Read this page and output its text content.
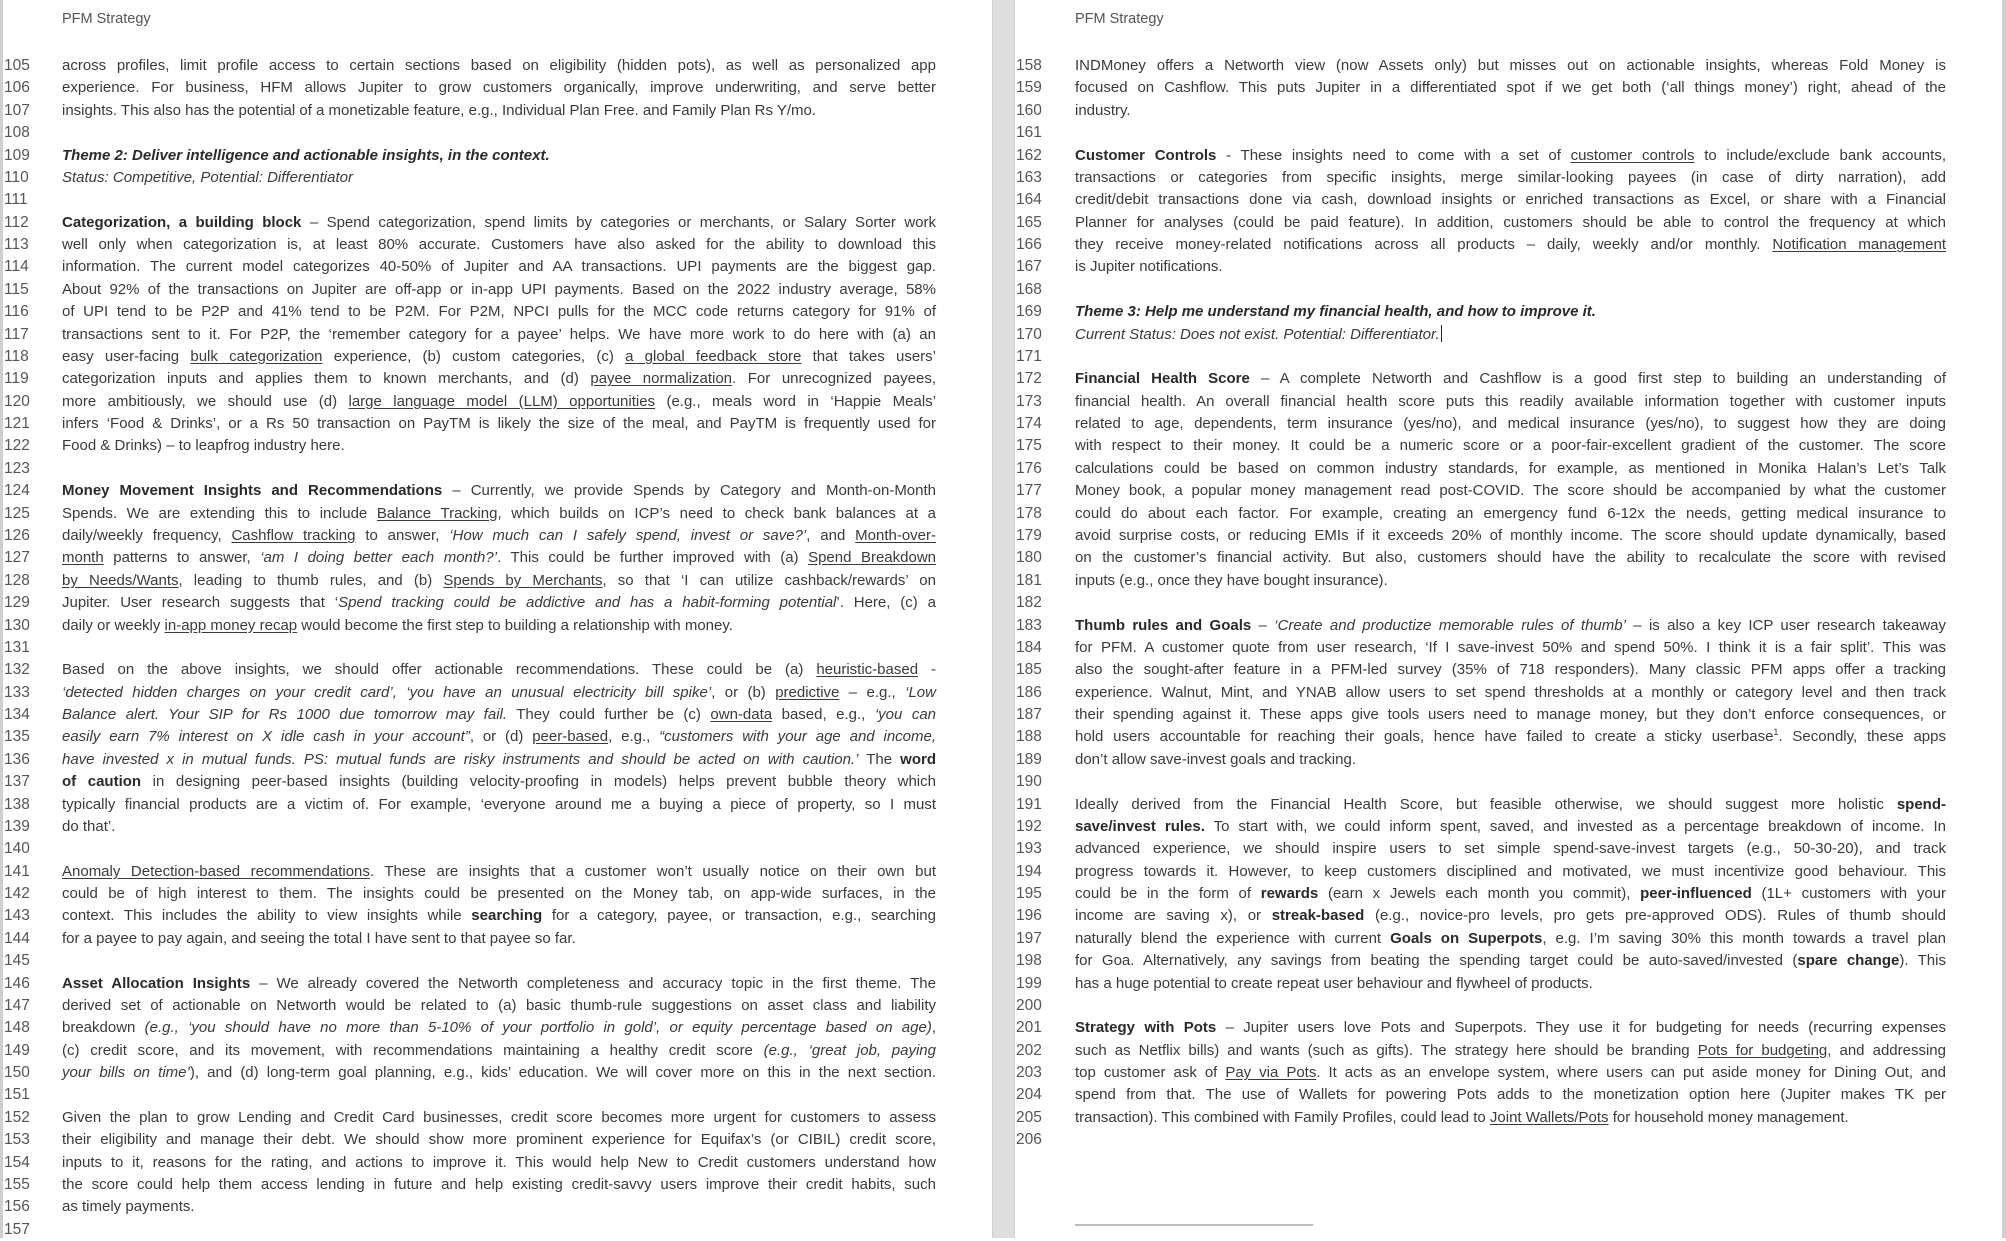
PFM Strategy
105	across profiles, limit profile access to certain sections based on eligibility (hidden pots), as well as personalized app
106	experience. For business, HFM allows Jupiter to grow customers organically, improve underwriting, and serve better
107	insights. This also has the potential of a monetizable feature, e.g., Individual Plan Free. and Family Plan Rs Y/mo.
108
109	Theme 2: Deliver intelligence and actionable insights, in the context.
110	Status: Competitive, Potential: Differentiator
111
112	Categorization, a building block – Spend categorization, spend limits by categories or merchants, or Salary Sorter work
113	well only when categorization is, at least 80% accurate. Customers have also asked for the ability to download this
114	information. The current model categorizes 40-50% of Jupiter and AA transactions. UPI payments are the biggest gap.
115	About 92% of the transactions on Jupiter are off-app or in-app UPI payments. Based on the 2022 industry average, 58%
116	of UPI tend to be P2P and 41% tend to be P2M. For P2M, NPCI pulls for the MCC code returns category for 91% of
117	transactions sent to it. For P2P, the ‘remember category for a payee’ helps. We have more work to do here with (a) an
118	easy user-facing bulk categorization experience, (b) custom categories, (c) a global feedback store that takes users’
119	categorization inputs and applies them to known merchants, and (d) payee normalization. For unrecognized payees,
120	more ambitiously, we should use (d) large language model (LLM) opportunities (e.g., meals word in ‘Happie Meals’
121	infers ‘Food & Drinks’, or a Rs 50 transaction on PayTM is likely the size of the meal, and PayTM is frequently used for
122	Food & Drinks) – to leapfrog industry here.
123
124	Money Movement Insights and Recommendations – Currently, we provide Spends by Category and Month-on-Month
125	Spends. We are extending this to include Balance Tracking, which builds on ICP’s need to check bank balances at a
126	daily/weekly frequency, Cashflow tracking to answer, ‘How much can I safely spend, invest or save?’, and Month-over-
127	month patterns to answer, ‘am I doing better each month?’. This could be further improved with (a) Spend Breakdown
128	by Needs/Wants, leading to thumb rules, and (b) Spends by Merchants, so that ‘I can utilize cashback/rewards’ on
129	Jupiter. User research suggests that ‘Spend tracking could be addictive and has a habit-forming potential’. Here, (c) a
130	daily or weekly in-app money recap would become the first step to building a relationship with money.
131
132	Based on the above insights, we should offer actionable recommendations. These could be (a) heuristic-based -
133	‘detected hidden charges on your credit card’, ‘you have an unusual electricity bill spike’, or (b) predictive – e.g., ‘Low
134	Balance alert. Your SIP for Rs 1000 due tomorrow may fail. They could further be (c) own-data based, e.g., ‘you can
135	easily earn 7% interest on X idle cash in your account”, or (d) peer-based, e.g., “customers with your age and income,
136	have invested x in mutual funds. PS: mutual funds are risky instruments and should be acted on with caution.’ The word
137	of caution in designing peer-based insights (building velocity-proofing in models) helps prevent bubble theory which
138	typically financial products are a victim of. For example, ‘everyone around me a buying a piece of property, so I must
139	do that’.
140
141	Anomaly Detection-based recommendations. These are insights that a customer won’t usually notice on their own but
142	could be of high interest to them. The insights could be presented on the Money tab, on app-wide surfaces, in the
143	context. This includes the ability to view insights while searching for a category, payee, or transaction, e.g., searching
144	for a payee to pay again, and seeing the total I have sent to that payee so far.
145
146	Asset Allocation Insights – We already covered the Networth completeness and accuracy topic in the first theme. The
147	derived set of actionable on Networth would be related to (a) basic thumb-rule suggestions on asset class and liability
148	breakdown (e.g., ‘you should have no more than 5-10% of your portfolio in gold’, or equity percentage based on age),
149	(c) credit score, and its movement, with recommendations maintaining a healthy credit score (e.g., ‘great job, paying
150	your bills on time’), and (d) long-term goal planning, e.g., kids’ education. We will cover more on this in the next section.
151
152	Given the plan to grow Lending and Credit Card businesses, credit score becomes more urgent for customers to assess
153	their eligibility and manage their debt. We should show more prominent experience for Equifax’s (or CIBIL) credit score,
154	inputs to it, reasons for the rating, and actions to improve it. This would help New to Credit customers understand how
155	the score could help them access lending in future and help existing credit-savvy users improve their credit habits, such
156	as timely payments.
157
PFM Strategy
158	INDMoney offers a Networth view (now Assets only) but misses out on actionable insights, whereas Fold Money is
159	focused on Cashflow. This puts Jupiter in a differentiated spot if we get both (‘all things money’) right, ahead of the
160	industry.
161
162	Customer Controls - These insights need to come with a set of customer controls to include/exclude bank accounts,
163	transactions or categories from specific insights, merge similar-looking payees (in case of dirty narration), add
164	credit/debit transactions done via cash, download insights or enriched transactions as Excel, or share with a Financial
165	Planner for analyses (could be paid feature). In addition, customers should be able to control the frequency at which
166	they receive money-related notifications across all products – daily, weekly and/or monthly. Notification management
167	is Jupiter notifications.
168
169	Theme 3: Help me understand my financial health, and how to improve it.
170	Current Status: Does not exist. Potential: Differentiator.
171
172	Financial Health Score – A complete Networth and Cashflow is a good first step to building an understanding of
173	financial health. An overall financial health score puts this readily available information together with customer inputs
174	related to age, dependents, term insurance (yes/no), and medical insurance (yes/no), to suggest how they are doing
175	with respect to their money. It could be a numeric score or a poor-fair-excellent gradient of the customer. The score
176	calculations could be based on common industry standards, for example, as mentioned in Monika Halan’s Let’s Talk
177	Money book, a popular money management read post-COVID. The score should be accompanied by what the customer
178	could do about each factor. For example, creating an emergency fund 6-12x the needs, getting medical insurance to
179	avoid surprise costs, or reducing EMIs if it exceeds 20% of monthly income. The score should update dynamically, based
180	on the customer’s financial activity. But also, customers should have the ability to recalculate the score with revised
181	inputs (e.g., once they have bought insurance).
182
183	Thumb rules and Goals – ‘Create and productize memorable rules of thumb’ – is also a key ICP user research takeaway
184	for PFM. A customer quote from user research, ‘If I save-invest 50% and spend 50%. I think it is a fair split’. This was
185	also the sought-after feature in a PFM-led survey (35% of 718 responders). Many classic PFM apps offer a tracking
186	experience. Walnut, Mint, and YNAB allow users to set spend thresholds at a monthly or category level and then track
187	their spending against it. These apps give tools users need to manage money, but they don’t enforce consequences, or
188	hold users accountable for reaching their goals, hence have failed to create a sticky userbase$^1$. Secondly, these apps
189	don’t allow save-invest goals and tracking.
190
191	Ideally derived from the Financial Health Score, but feasible otherwise, we should suggest more holistic spend-
192	save/invest rules. To start with, we could inform spent, saved, and invested as a percentage breakdown of income. In
193	advanced experience, we should inspire users to set simple spend-save-invest targets (e.g., 50-30-20), and track
194	progress towards it. However, to keep customers disciplined and motivated, we must incentivize good behaviour. This
195	could be in the form of rewards (earn x Jewels each month you commit), peer-influenced (1L+ customers with your
196	income are saving x), or streak-based (e.g., novice-pro levels, pro gets pre-approved ODS). Rules of thumb should
197	naturally blend the experience with current Goals on Superpots, e.g. I’m saving 30% this month towards a travel plan
198	for Goa. Alternatively, any savings from beating the spending target could be auto-saved/invested (spare change). This
199	has a huge potential to create repeat user behaviour and flywheel of products.
200
201	Strategy with Pots – Jupiter users love Pots and Superpots. They use it for budgeting for needs (recurring expenses
202	such as Netflix bills) and wants (such as gifts). The strategy here should be branding Pots for budgeting, and addressing
203	top customer ask of Pay via Pots. It acts as an envelope system, where users can put aside money for Dining Out, and
204	spend from that. The use of Wallets for powering Pots adds to the monetization option here (Jupiter makes TK per
205	transaction). This combined with Family Profiles, could lead to Joint Wallets/Pots for household money management.
206
